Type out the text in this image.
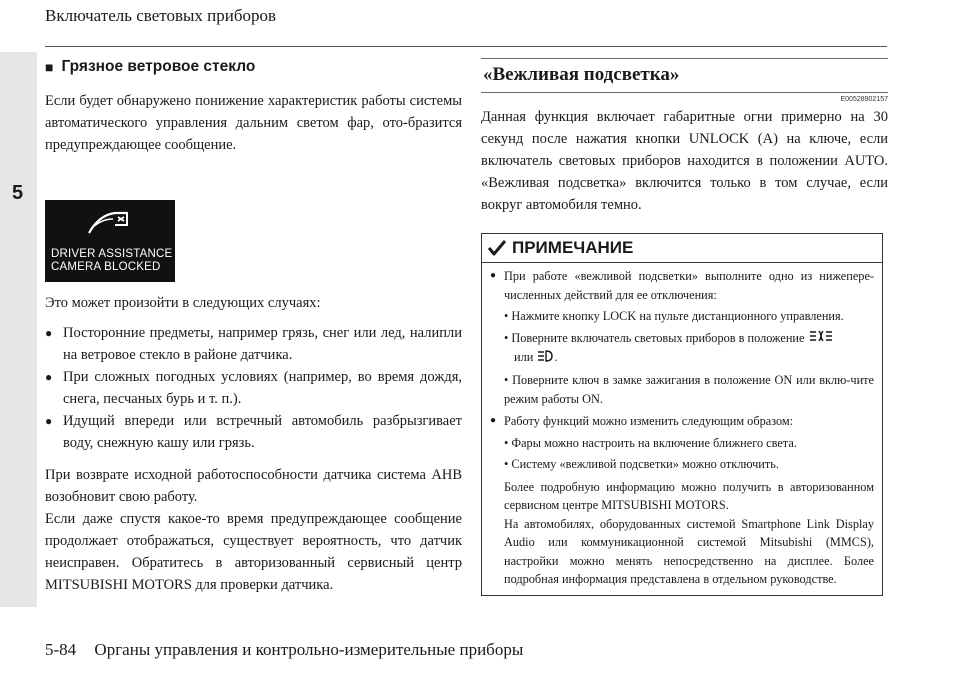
5
Включатель световых приборов
■ Грязное ветровое стекло

Если будет обнаружено понижение характеристик работы системы автоматического управления дальним светом фар, ото-бразится предупреждающее сообщение.

DRIVER ASSISTANCE
CAMERA BLOCKED

Это может произойти в следующих случаях:

● Посторонние предметы, например грязь, снег или лед, налипли на ветровое стекло в районе датчика.
● При сложных погодных условиях (например, во время дождя, снега, песчаных бурь и т. п.).
● Идущий впереди или встречный автомобиль разбрызгивает воду, снежную кашу или грязь.

При возврате исходной работоспособности датчика система AHB возобновит свою работу.

Если даже спустя какое-то время предупреждающее сообщение продолжает отображаться, существует вероятность, что датчик неисправен. Обратитесь в авторизованный сервисный центр MITSUBISHI MOTORS для проверки датчика.

«Вежливая подсветка»
E00528902157

Данная функция включает габаритные огни примерно на 30 секунд после нажатия кнопки UNLOCK (A) на ключе, если включатель световых приборов находится в положении AUTO. «Вежливая подсветка» включится только в том случае, если вокруг автомобиля темно.

ПРИМЕЧАНИЕ
● При работе «вежливой подсветки» выполните одно из нижепере-численных действий для ее отключения:
• Нажмите кнопку LOCK на пульте дистанционного управления.
• Поверните включатель световых приборов в положение
или .
• Поверните ключ в замке зажигания в положение ON или вклю-чите режим работы ON.
● Работу функций можно изменить следующим образом:
• Фары можно настроить на включение ближнего света.
• Систему «вежливой подсветки» можно отключить.
Более подробную информацию можно получить в авторизованном сервисном центре MITSUBISHI MOTORS.
На автомобилях, оборудованных системой Smartphone Link Display Audio или коммуникационной системой Mitsubishi (MMCS), настройки можно менять непосредственно на дисплее. Более подробная информация представлена в отдельном руководстве.
5-84 Органы управления и контрольно-измерительные приборы
